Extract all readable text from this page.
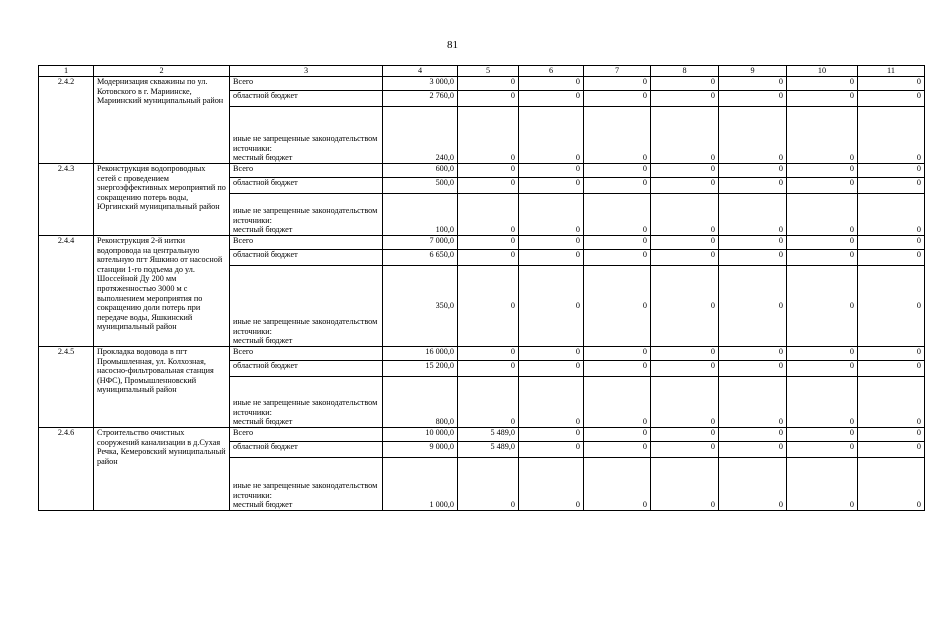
81
1	2	3	4	5	6	7	8	9	10	11
2.4.2	Модернизация скважины по ул. Котовского в г. Мариинске, Мариинский муниципальный район	Всего	3 000,0	0	0	0	0	0	0	0
		областной бюджет	2 760,0	0	0	0	0	0	0	0
		иные не запрещенные законодательством источники:
местный бюджет	240,0	0	0	0	0	0	0	0
2.4.3	Реконструкция водопроводных сетей с проведением энергоэффективных мероприятий по сокращению потерь воды, Юргинский муниципальный район	Всего	600,0	0	0	0	0	0	0	0
		областной бюджет	500,0	0	0	0	0	0	0	0
		иные не запрещенные законодательством источники:
местный бюджет	100,0	0	0	0	0	0	0	0
2.4.4	Реконструкция 2-й нитки водопровода на центральную котельную пгт Яшкино от насосной станции 1-го подъема до ул. Шоссейной Ду 200 мм протяженностью 3000 м с выполнением мероприятия по сокращению доли потерь при передаче воды, Яшкинский муниципальный район	Всего	7 000,0	0	0	0	0	0	0	0
		областной бюджет	6 650,0	0	0	0	0	0	0	0
		иные не запрещенные законодательством источники:
местный бюджет	350,0	0	0	0	0	0	0	0
2.4.5	Прокладка водовода в пгт Промышленная, ул. Колхозная, насосно-фильтровальная станция (НФС), Промышленновский муниципальный район	Всего	16 000,0	0	0	0	0	0	0	0
		областной бюджет	15 200,0	0	0	0	0	0	0	0
		иные не запрещенные законодательством источники:
местный бюджет	800,0	0	0	0	0	0	0	0
2.4.6	Строительство очистных сооружений канализации в д.Сухая Речка, Кемеровский муниципальный район	Всего	10 000,0	5 489,0	0	0	0	0	0	0
		областной бюджет	9 000,0	5 489,0	0	0	0	0	0	0
		иные не запрещенные законодательством источники:
местный бюджет	1 000,0	0	0	0	0	0	0	0
